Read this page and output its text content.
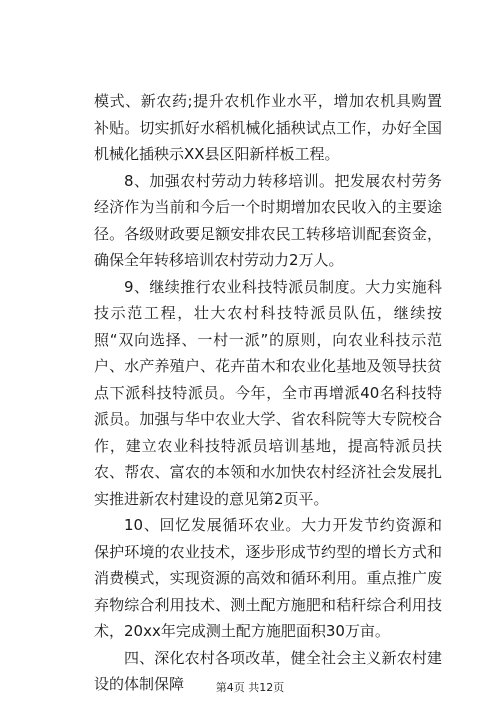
模式、新农药;提升农机作业水平，增加农机具购置补贴。切实抓好水稻机械化插秧试点工作，办好全国机械化插秧示XX县区阳新样板工程。

8、加强农村劳动力转移培训。把发展农村劳务经济作为当前和今后一个时期增加农民收入的主要途径。各级财政要足额安排农民工转移培训配套资金，确保全年转移培训农村劳动力2万人。

9、继续推行农业科技特派员制度。大力实施科技示范工程，壮大农村科技特派员队伍，继续按照“双向选择、一村一派”的原则，向农业科技示范户、水产养殖户、花卉苗木和农业化基地及领导扶贫点下派科技特派员。今年，全市再增派40名科技特派员。加强与华中农业大学、省农科院等大专院校合作，建立农业科技特派员培训基地，提高特派员扶农、帮农、富农的本领和水加快农村经济社会发展扎实推进新农村建设的意见第2页平。

10、回忆发展循环农业。大力开发节约资源和保护环境的农业技术，逐步形成节约型的增长方式和消费模式，实现资源的高效和循环利用。重点推广废弃物综合利用技术、测土配方施肥和秸秆综合利用技术，20xx年完成测土配方施肥面积30万亩。

四、深化农村各项改革，健全社会主义新农村建设的体制保障	第4页 共12页
